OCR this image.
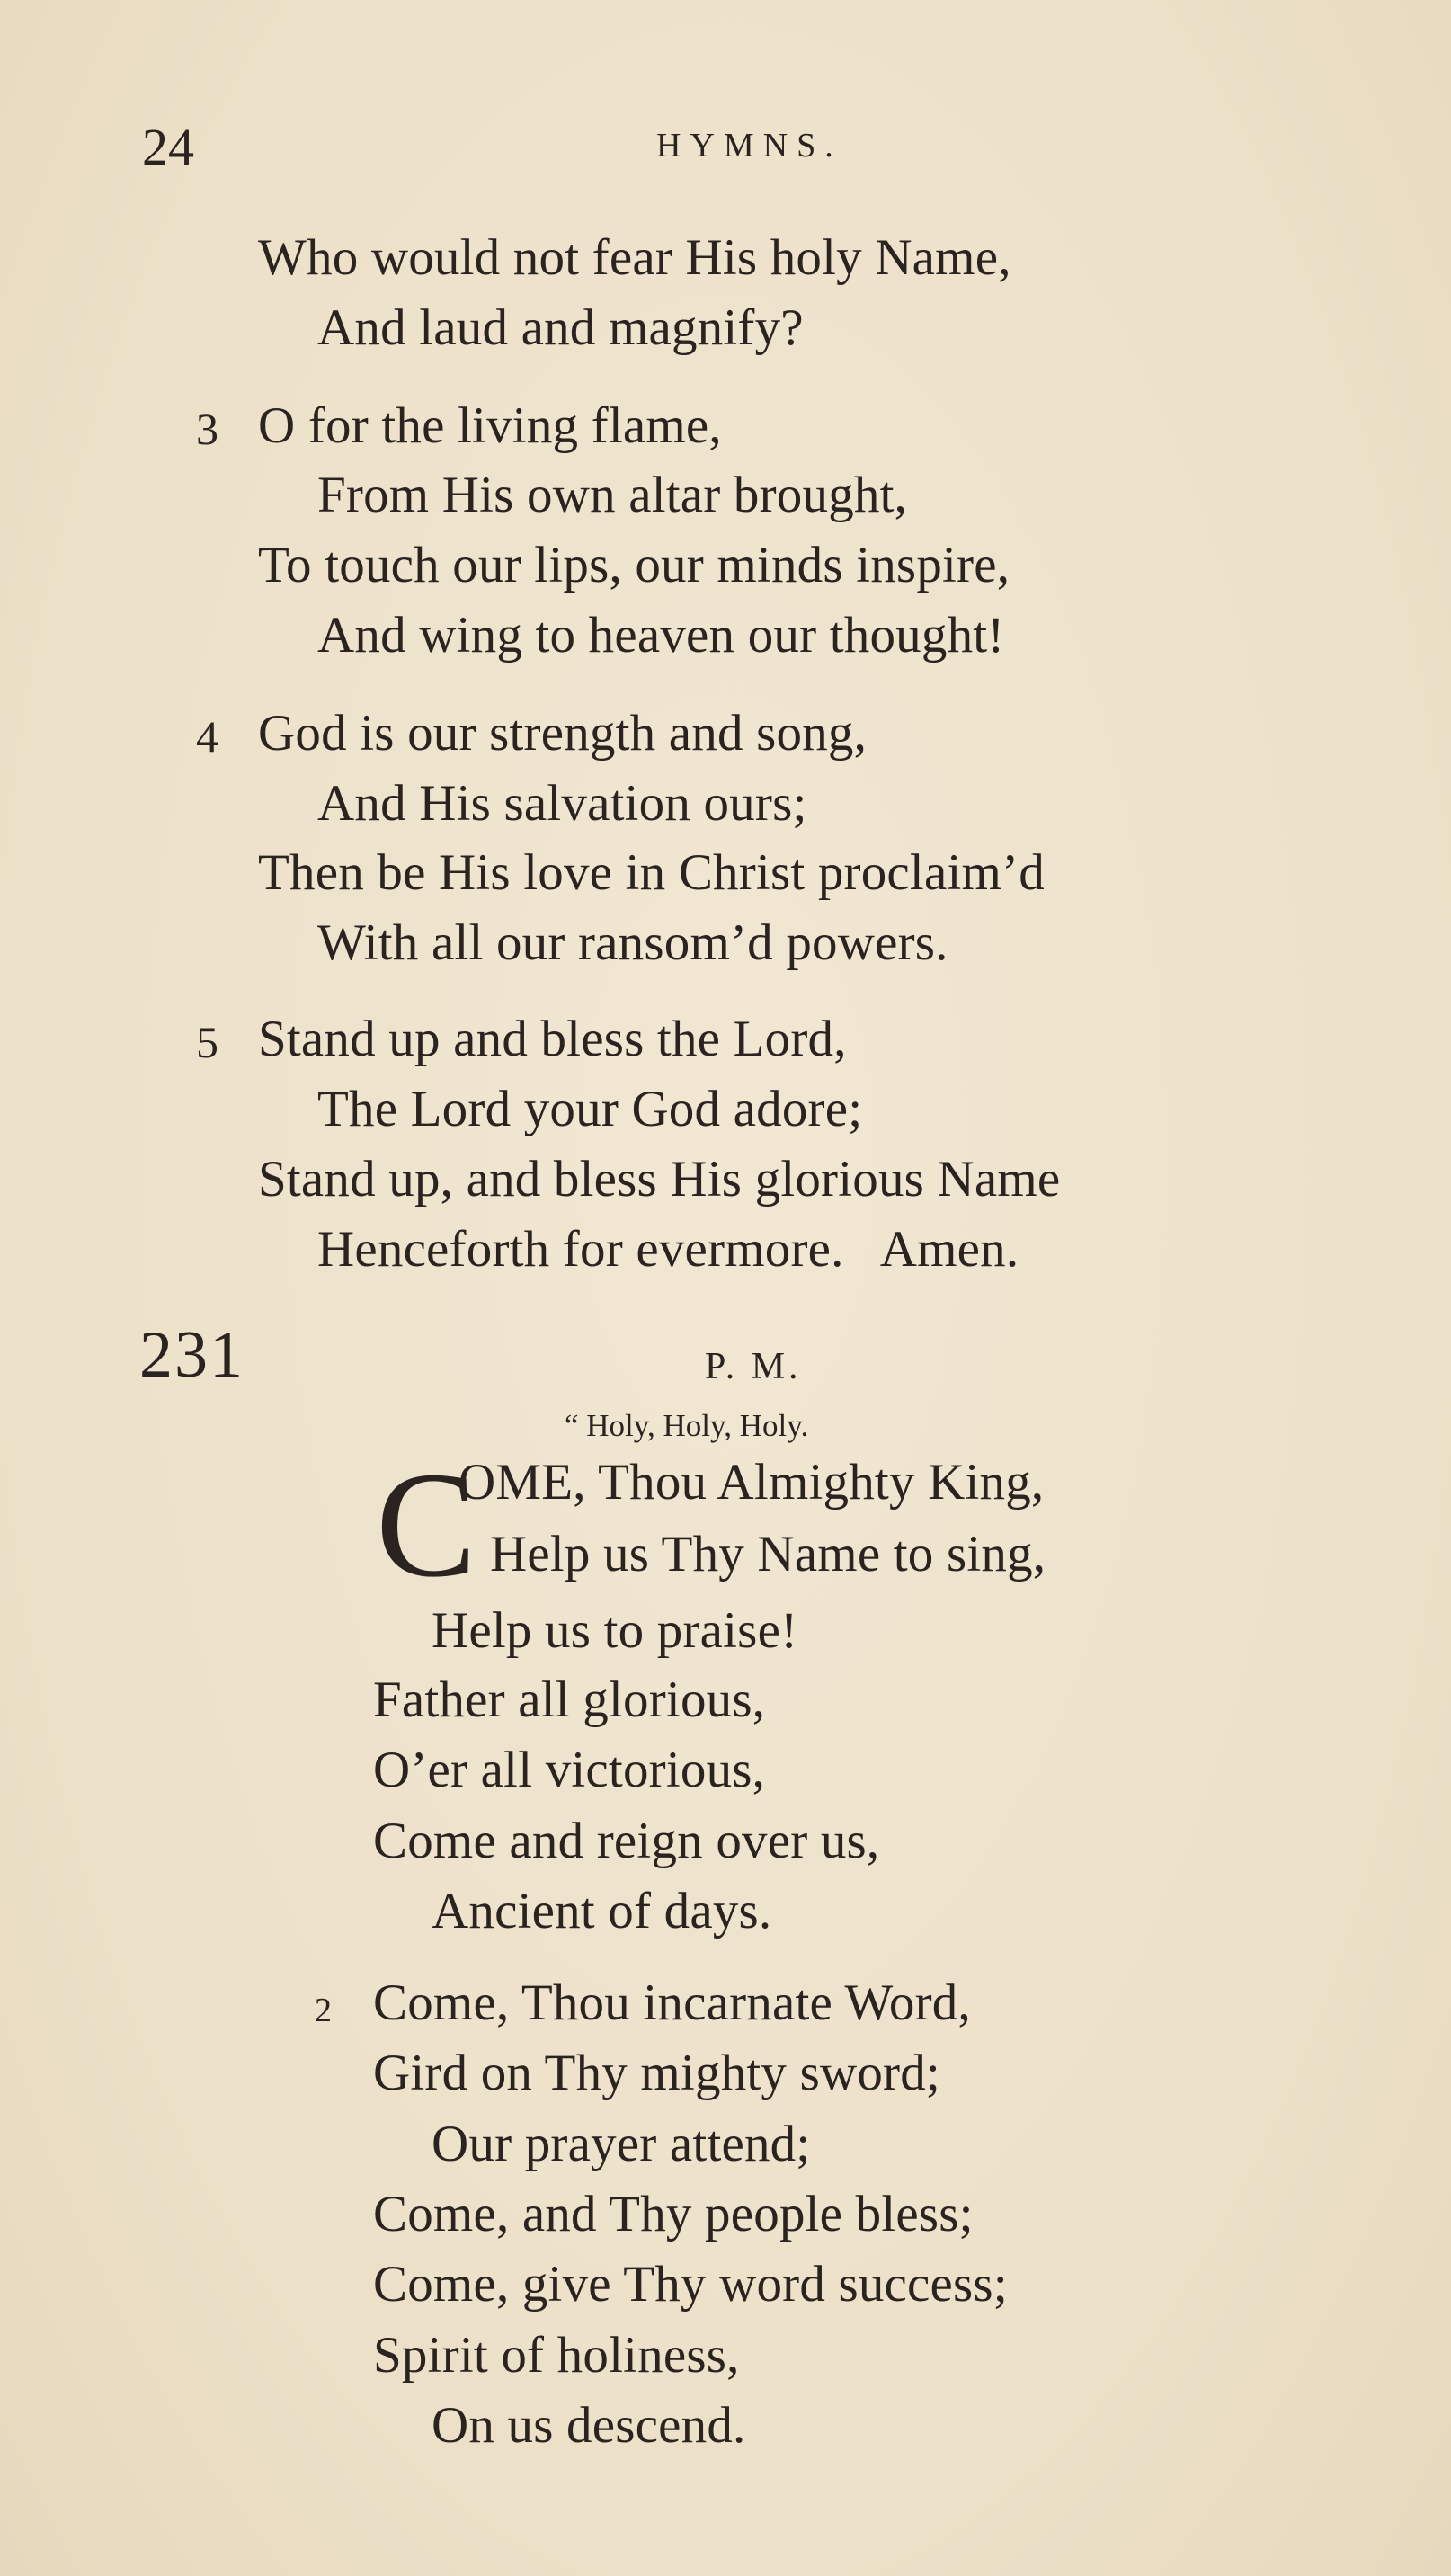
24	HYMNS.
Who would not fear His holy Name,
And laud and magnify?
3 O for the living flame,
From His own altar brought,
To touch our lips, our minds inspire,
And wing to heaven our thought!
4 God is our strength and song,
And His salvation ours;
Then be His love in Christ proclaim’d
With all our ransom’d powers.
5 Stand up and bless the Lord,
The Lord your God adore;
Stand up, and bless His glorious Name
Henceforth for evermore.   Amen.
231	P. M.
“ Holy, Holy, Holy.
C
OME, Thou Almighty King,
Help us Thy Name to sing,
Help us to praise!
Father all glorious,
O’er all victorious,
Come and reign over us,
Ancient of days.
2 Come, Thou incarnate Word,
Gird on Thy mighty sword;
Our prayer attend;
Come, and Thy people bless;
Come, give Thy word success;
Spirit of holiness,
On us descend.
